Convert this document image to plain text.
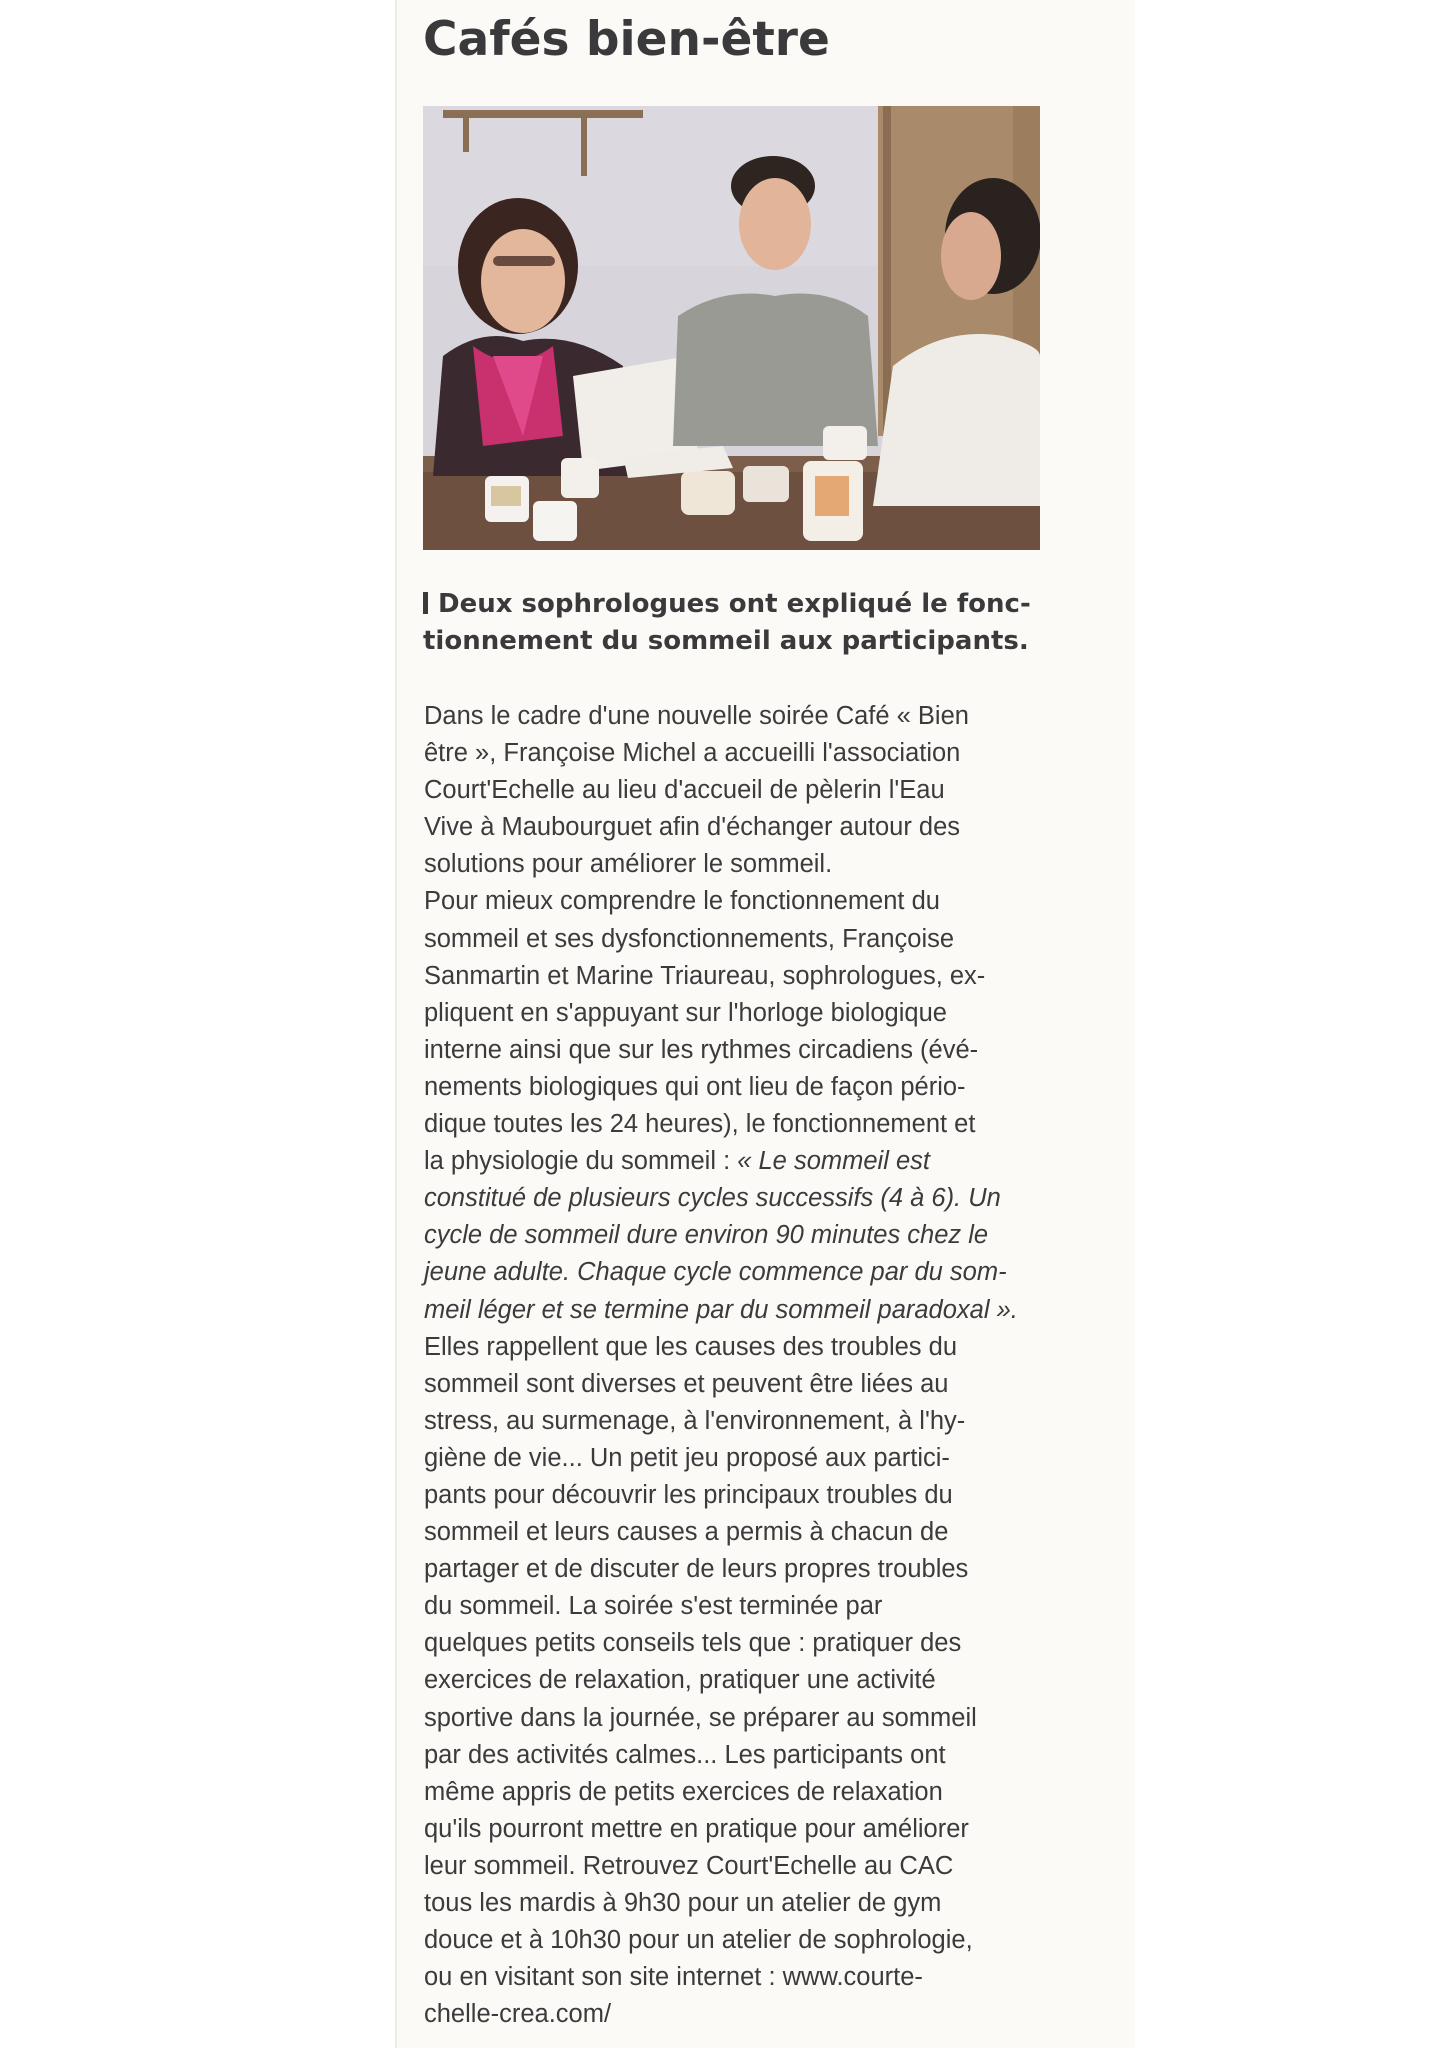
Cafés bien-être
Deux sophrologues ont expliqué le fonc-
tionnement du sommeil aux participants.
Dans le cadre d'une nouvelle soirée Café « Bien
être », Françoise Michel a accueilli l'association
Court'Echelle au lieu d'accueil de pèlerin l'Eau
Vive à Maubourguet afin d'échanger autour des
solutions pour améliorer le sommeil.
Pour mieux comprendre le fonctionnement du
sommeil et ses dysfonctionnements, Françoise
Sanmartin et Marine Triaureau, sophrologues, ex-
pliquent en s'appuyant sur l'horloge biologique
interne ainsi que sur les rythmes circadiens (évé-
nements biologiques qui ont lieu de façon pério-
dique toutes les 24 heures), le fonctionnement et
la physiologie du sommeil : « Le sommeil est
constitué de plusieurs cycles successifs (4 à 6). Un
cycle de sommeil dure environ 90 minutes chez le
jeune adulte. Chaque cycle commence par du som-
meil léger et se termine par du sommeil paradoxal ».
Elles rappellent que les causes des troubles du
sommeil sont diverses et peuvent être liées au
stress, au surmenage, à l'environnement, à l'hy-
giène de vie... Un petit jeu proposé aux partici-
pants pour découvrir les principaux troubles du
sommeil et leurs causes a permis à chacun de
partager et de discuter de leurs propres troubles
du sommeil. La soirée s'est terminée par
quelques petits conseils tels que : pratiquer des
exercices de relaxation, pratiquer une activité
sportive dans la journée, se préparer au sommeil
par des activités calmes... Les participants ont
même appris de petits exercices de relaxation
qu'ils pourront mettre en pratique pour améliorer
leur sommeil. Retrouvez Court'Echelle au CAC
tous les mardis à 9h30 pour un atelier de gym
douce et à 10h30 pour un atelier de sophrologie,
ou en visitant son site internet : www.courte-
chelle-crea.com/
